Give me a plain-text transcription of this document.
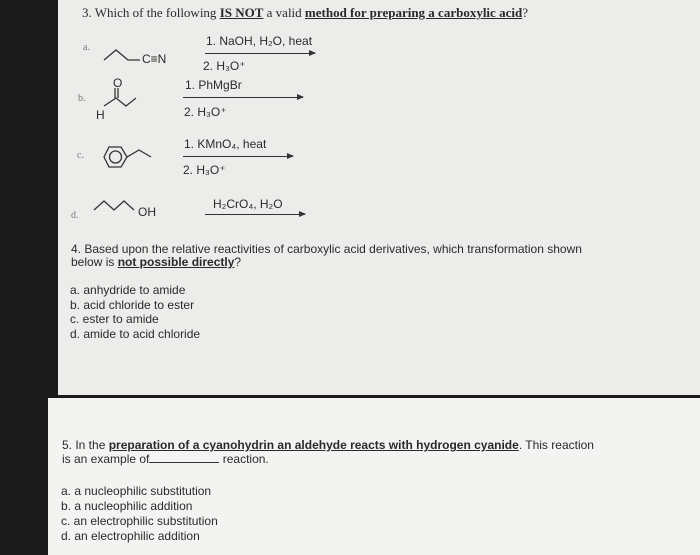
3. Which of the following IS NOT a valid method for preparing a carboxylic acid?
a.
C≡N
1. NaOH, H₂O, heat
2. H₃O⁺
b.
O
H
1. PhMgBr
2. H₃O⁺
c.
1. KMnO₄, heat
2. H₃O⁺
d.	OH
H₂CrO₄, H₂O
4. Based upon the relative reactivities of carboxylic acid derivatives, which transformation shown
below is not possible directly?
a. anhydride to amide
b. acid chloride to ester
c. ester to amide
d. amide to acid chloride
5. In the preparation of a cyanohydrin an aldehyde reacts with hydrogen cyanide. This reaction
is an example of	reaction.
a. a nucleophilic substitution
b. a nucleophilic addition
c. an electrophilic substitution
d. an electrophilic addition
